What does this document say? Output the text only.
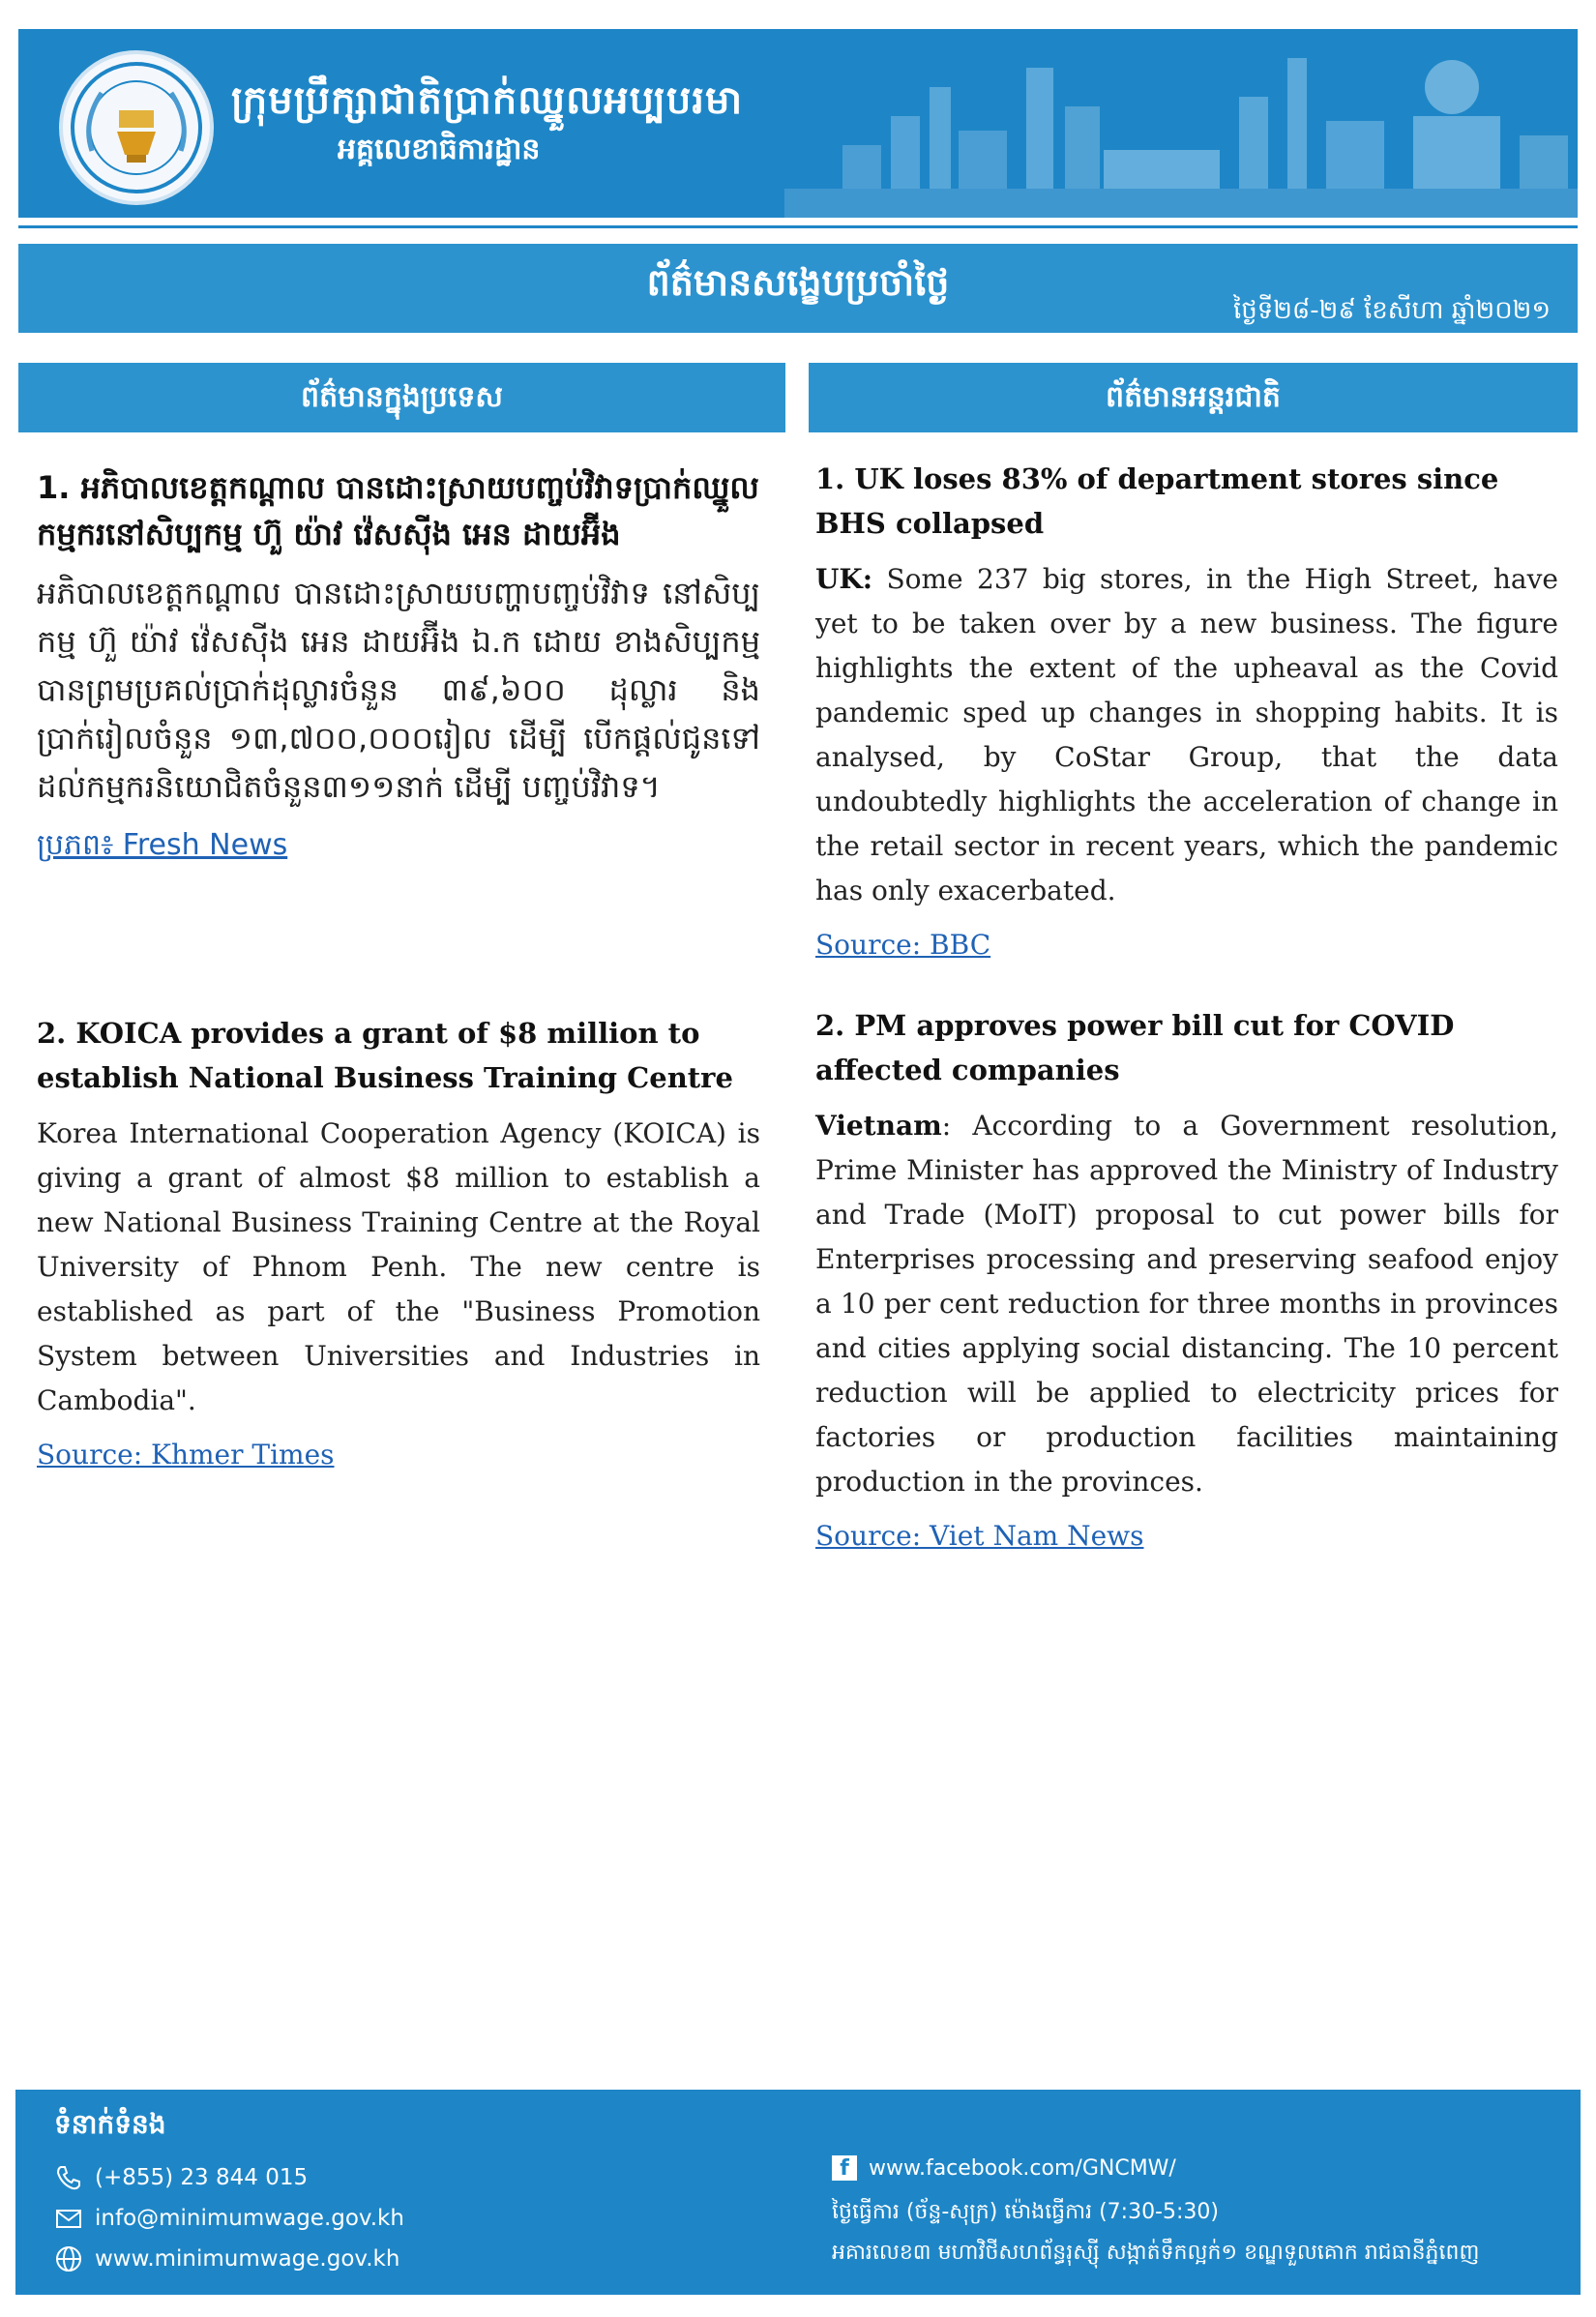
ក្រុមប្រឹក្សាជាតិប្រាក់ឈ្នួលអប្បបរមា
អគ្គលេខាធិការដ្ឋាន
ព័ត៌មានសង្ខេបប្រចាំថ្ងៃ
ថ្ងៃទី២៨-២៩ ខែសីហា ឆ្នាំ២០២១
ព័ត៌មានក្នុងប្រទេស	ព័ត៌មានអន្តរជាតិ
1. អភិបាលខេត្តកណ្ដាល បានដោះស្រាយបញ្ចប់វិវាទប្រាក់ឈ្នួលកម្មករនៅសិប្បកម្ម ហ៊ួ យ៉ាវ វ៉េសស៊ីង អេន ដាយអ៊ីង
អភិបាលខេត្តកណ្ដាល បានដោះស្រាយបញ្ហាបញ្ចប់វិវាទ នៅសិប្បកម្ម ហ៊ួ យ៉ាវ វ៉េសស៊ីង អេន ដាយអ៊ីង ឯ.ក ដោយ ខាងសិប្បកម្មបានព្រមប្រគល់ប្រាក់ដុល្លារចំនួន ៣៩,៦០០ ដុល្លារ និងប្រាក់រៀលចំនួន ១៣,៧០០,០០០រៀល ដើម្បី បើកផ្ដល់ជូនទៅដល់កម្មករនិយោជិតចំនួន៣១១នាក់ ដើម្បី បញ្ចប់វិវាទ។
ប្រភព៖ Fresh News
2. KOICA provides a grant of $8 million to establish National Business Training Centre
Korea International Cooperation Agency (KOICA) is giving a grant of almost $8 million to establish a new National Business Training Centre at the Royal University of Phnom Penh. The new centre is established as part of the "Business Promotion System between Universities and Industries in Cambodia".
Source: Khmer Times
1. UK loses 83% of department stores since BHS collapsed
UK: Some 237 big stores, in the High Street, have yet to be taken over by a new business. The figure highlights the extent of the upheaval as the Covid pandemic sped up changes in shopping habits. It is analysed, by CoStar Group, that the data undoubtedly highlights the acceleration of change in the retail sector in recent years, which the pandemic has only exacerbated.
Source: BBC
2. PM approves power bill cut for COVID affected companies
Vietnam: According to a Government resolution, Prime Minister has approved the Ministry of Industry and Trade (MoIT) proposal to cut power bills for Enterprises processing and preserving seafood enjoy a 10 per cent reduction for three months in provinces and cities applying social distancing. The 10 percent reduction will be applied to electricity prices for factories or production facilities maintaining production in the provinces.
Source: Viet Nam News
ទំនាក់ទំនង
(+855) 23 844 015
info@minimumwage.gov.kh
www.minimumwage.gov.kh
f www.facebook.com/GNCMW/
ថ្ងៃធ្វើការ (ច័ន្ទ-សុក្រ) ម៉ោងធ្វើការ (7:30-5:30)
អគារលេខ៣ មហាវិថីសហព័ន្ធរុស្ស៊ី សង្កាត់ទឹកល្អក់១ ខណ្ឌទួលគោក រាជធានីភ្នំពេញ
